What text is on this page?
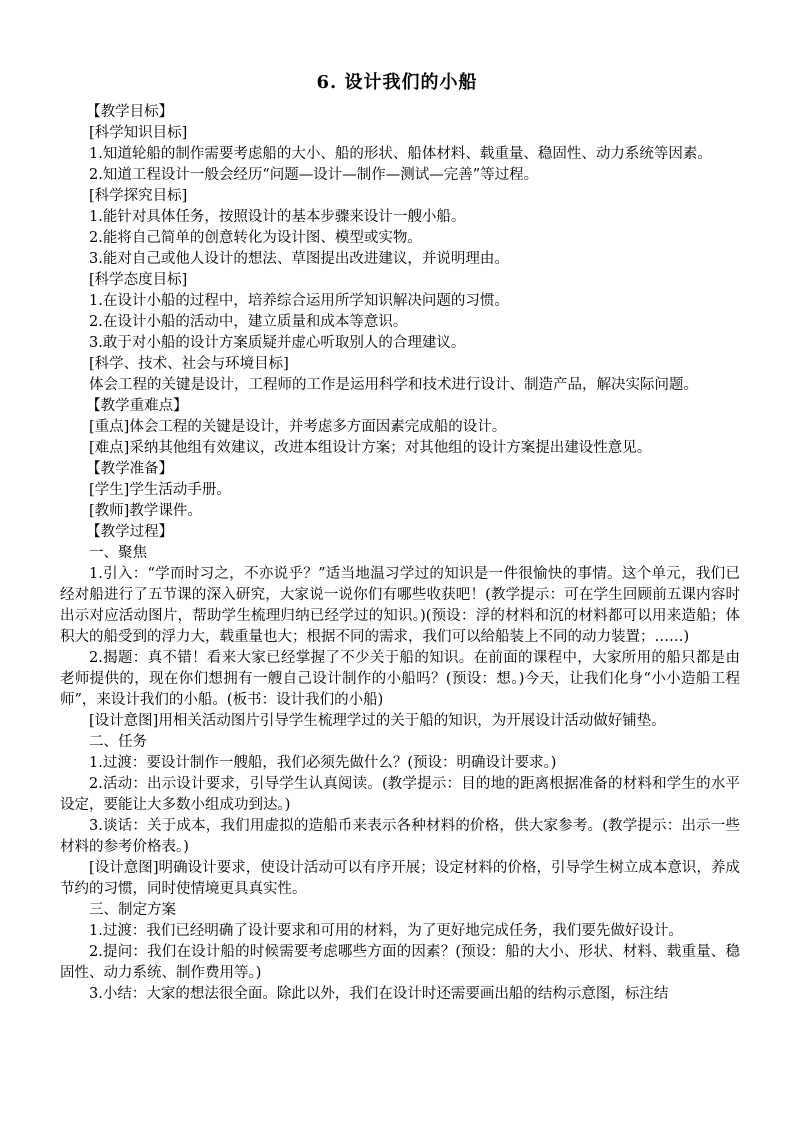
6. 设计我们的小船

【教学目标】

[科学知识目标]

1.知道轮船的制作需要考虑船的大小、船的形状、船体材料、载重量、稳固性、动力系统等因素。

2.知道工程设计一般会经历“问题—设计—制作—测试—完善”等过程。

[科学探究目标]

1.能针对具体任务，按照设计的基本步骤来设计一艘小船。

2.能将自己简单的创意转化为设计图、模型或实物。

3.能对自己或他人设计的想法、草图提出改进建议，并说明理由。

[科学态度目标]

1.在设计小船的过程中，培养综合运用所学知识解决问题的习惯。

2.在设计小船的活动中，建立质量和成本等意识。

3.敢于对小船的设计方案质疑并虚心听取别人的合理建议。

[科学、技术、社会与环境目标]

体会工程的关键是设计，工程师的工作是运用科学和技术进行设计、制造产品，解决实际问题。

【教学重难点】

[重点]体会工程的关键是设计，并考虑多方面因素完成船的设计。

[难点]采纳其他组有效建议，改进本组设计方案；对其他组的设计方案提出建设性意见。

【教学准备】

[学生]学生活动手册。

[教师]教学课件。

【教学过程】

一、聚焦

1.引入：“学而时习之，不亦说乎？”适当地温习学过的知识是一件很愉快的事情。这个单元，我们已经对船进行了五节课的深入研究，大家说一说你们有哪些收获吧！(教学提示：可在学生回顾前五课内容时出示对应活动图片，帮助学生梳理归纳已经学过的知识。)(预设：浮的材料和沉的材料都可以用来造船；体积大的船受到的浮力大，载重量也大；根据不同的需求，我们可以给船装上不同的动力装置；……)

2.揭题：真不错！看来大家已经掌握了不少关于船的知识。在前面的课程中，大家所用的船只都是由老师提供的，现在你们想拥有一艘自己设计制作的小船吗？(预设：想。)今天，让我们化身“小小造船工程师”，来设计我们的小船。(板书：设计我们的小船)

[设计意图]用相关活动图片引导学生梳理学过的关于船的知识，为开展设计活动做好铺垫。

二、任务

1.过渡：要设计制作一艘船，我们必须先做什么？(预设：明确设计要求。)

2.活动：出示设计要求，引导学生认真阅读。(教学提示：目的地的距离根据准备的材料和学生的水平设定，要能让大多数小组成功到达。)

3.谈话：关于成本，我们用虚拟的造船币来表示各种材料的价格，供大家参考。(教学提示：出示一些材料的参考价格表。)

[设计意图]明确设计要求，使设计活动可以有序开展；设定材料的价格，引导学生树立成本意识，养成节约的习惯，同时使情境更具真实性。

三、制定方案

1.过渡：我们已经明确了设计要求和可用的材料，为了更好地完成任务，我们要先做好设计。

2.提问：我们在设计船的时候需要考虑哪些方面的因素？(预设：船的大小、形状、材料、载重量、稳固性、动力系统、制作费用等。)

3.小结：大家的想法很全面。除此以外，我们在设计时还需要画出船的结构示意图，标注结
